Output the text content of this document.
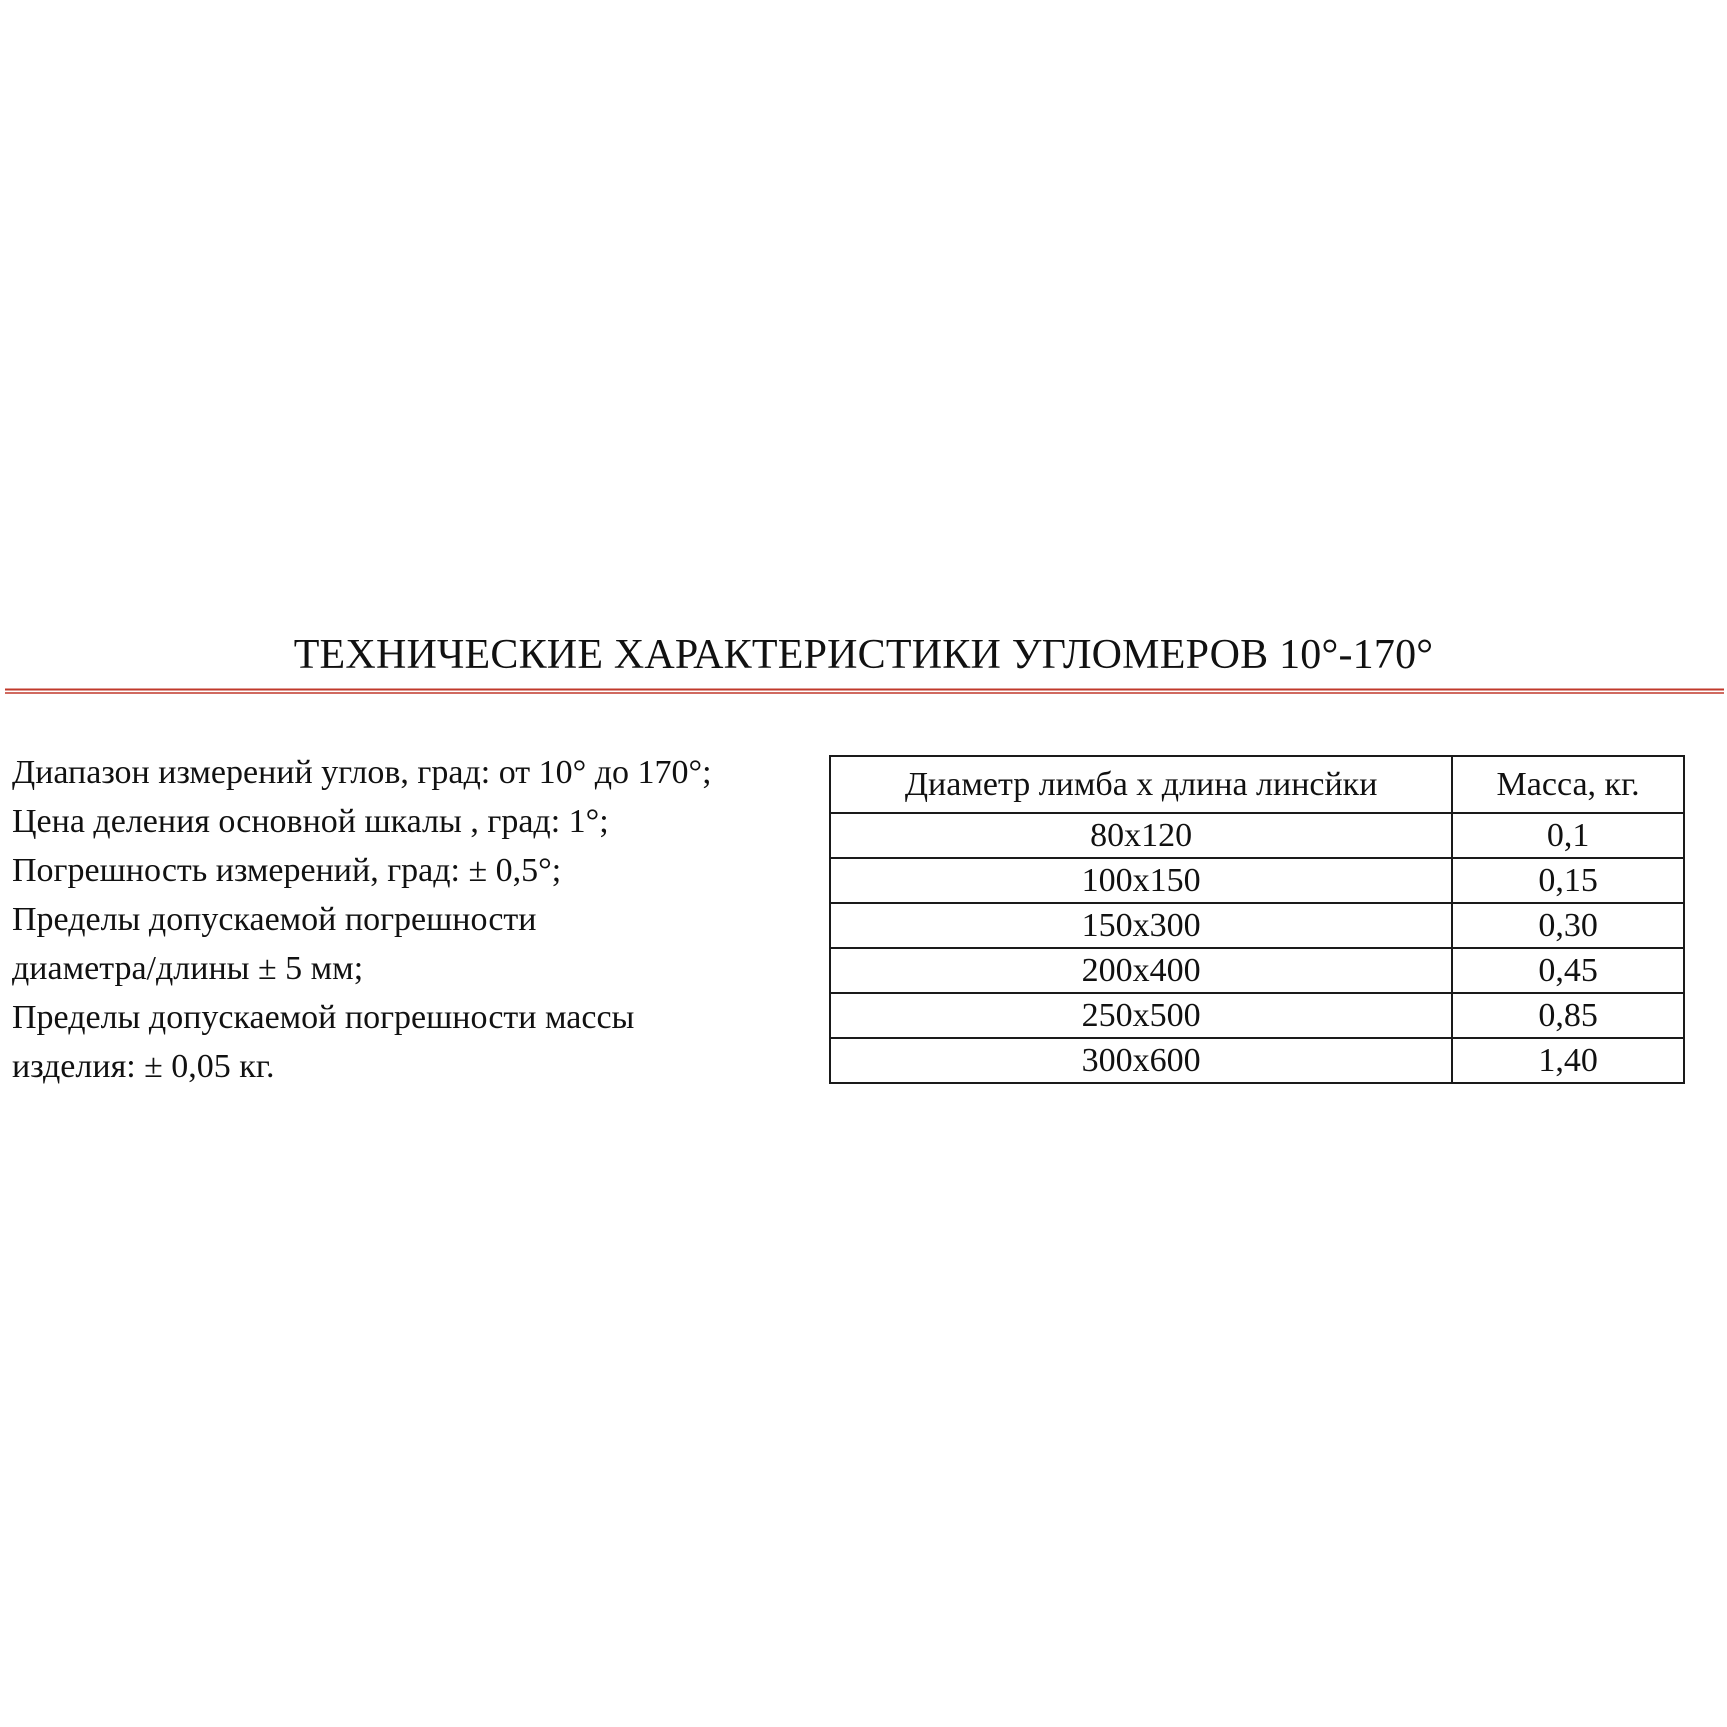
ТЕХНИЧЕСКИЕ ХАРАКТЕРИСТИКИ УГЛОМЕРОВ 10°-170°
Диапазон измерений углов, град: от 10° до 170°;
Цена деления основной шкалы , град: 1°;
Погрешность измерений, град: ± 0,5°;
Пределы допускаемой погрешности
диаметра/длины ± 5 мм;
Пределы допускаемой погрешности массы
изделия: ± 0,05 кг.
Диаметр лимба х длина линсйки	Масса, кг.
80х120	0,1
100х150	0,15
150х300	0,30
200х400	0,45
250х500	0,85
300х600	1,40
